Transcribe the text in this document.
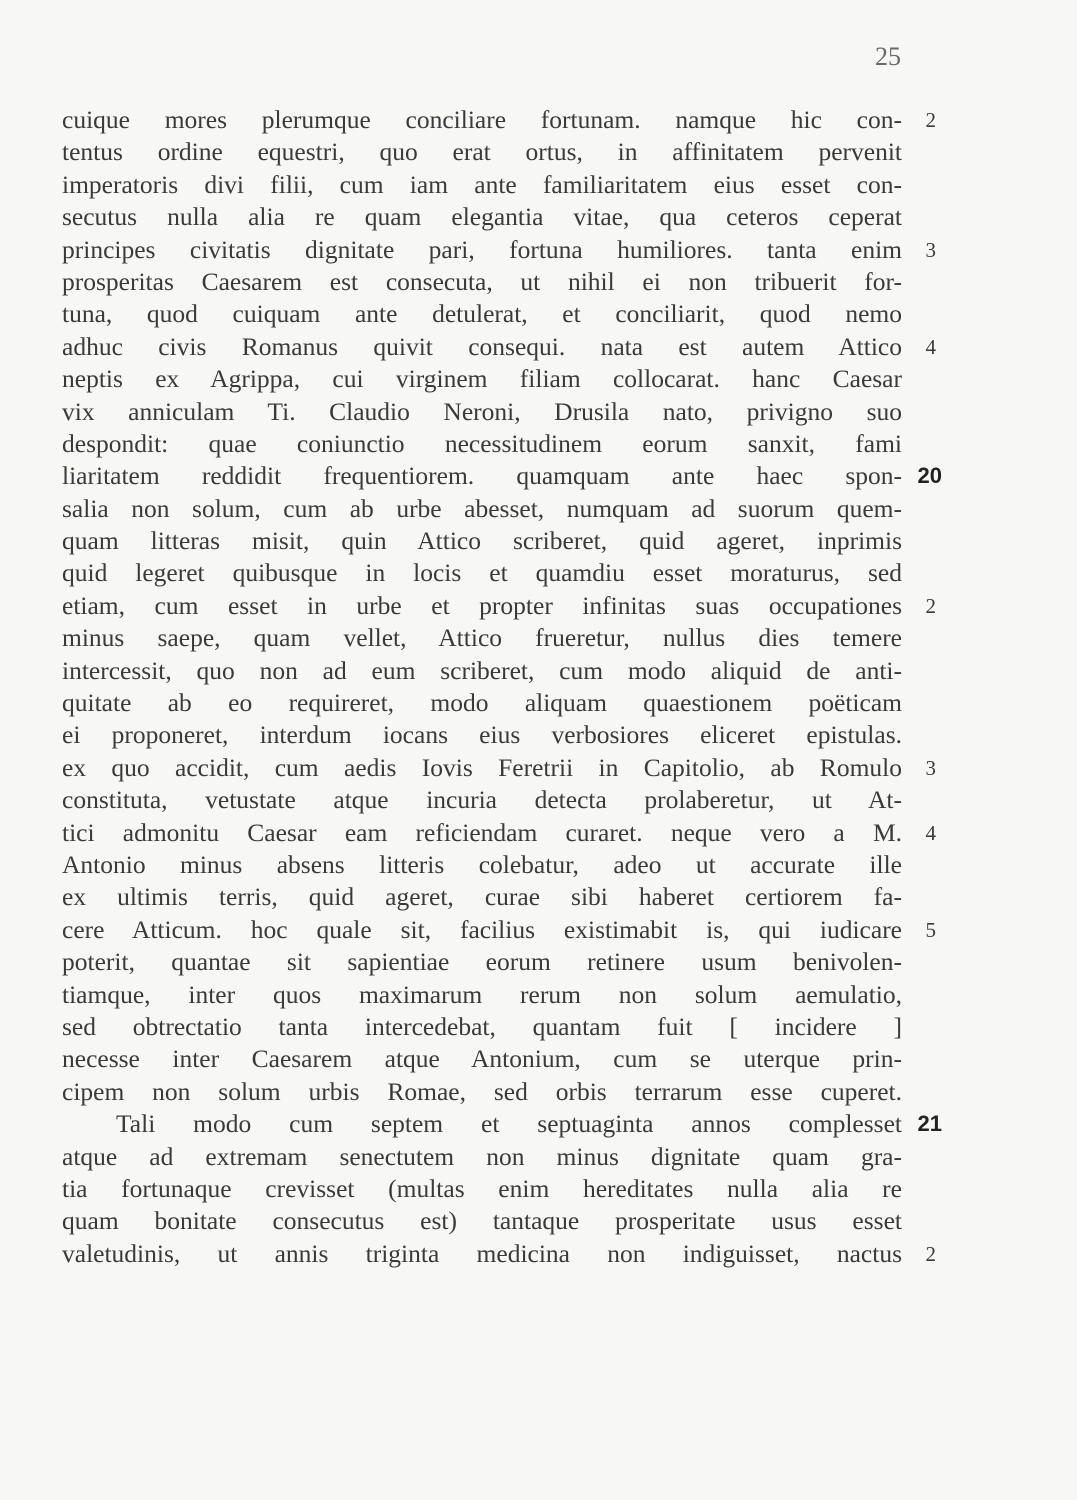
25
cuique mores plerumque conciliare fortunam. namque hic con- 2
tentus ordine equestri, quo erat ortus, in affinitatem pervenit
imperatoris divi filii, cum iam ante familiaritatem eius esset con-
secutus nulla alia re quam elegantia vitae, qua ceteros ceperat
principes civitatis dignitate pari, fortuna humiliores. tanta enim 3
prosperitas Caesarem est consecuta, ut nihil ei non tribuerit for-
tuna, quod cuiquam ante detulerat, et conciliarit, quod nemo
adhuc civis Romanus quivit consequi. nata est autem Attico 4
neptis ex Agrippa, cui virginem filiam collocarat. hanc Caesar
vix anniculam Ti. Claudio Neroni, Drusila nato, privigno suo
despondit: quae coniunctio necessitudinem eorum sanxit, fami
liaritatem reddidit frequentiorem. quamquam ante haec spon- 20
salia non solum, cum ab urbe abesset, numquam ad suorum quem-
quam litteras misit, quin Attico scriberet, quid ageret, inprimis
quid legeret quibusque in locis et quamdiu esset moraturus, sed
etiam, cum esset in urbe et propter infinitas suas occupationes 2
minus saepe, quam vellet, Attico frueretur, nullus dies temere
intercessit, quo non ad eum scriberet, cum modo aliquid de anti-
quitate ab eo requireret, modo aliquam quaestionem poëticam
ei proponeret, interdum iocans eius verbosiores eliceret epistulas.
ex quo accidit, cum aedis Iovis Feretrii in Capitolio, ab Romulo 3
constituta, vetustate atque incuria detecta prolaberetur, ut At-
tici admonitu Caesar eam reficiendam curaret. neque vero a M. 4
Antonio minus absens litteris colebatur, adeo ut accurate ille
ex ultimis terris, quid ageret, curae sibi haberet certiorem fa-
cere Atticum. hoc quale sit, facilius existimabit is, qui iudicare 5
poterit, quantae sit sapientiae eorum retinere usum benivolen-
tiamque, inter quos maximarum rerum non solum aemulatio,
sed obtrectatio tanta intercedebat, quantam fuit [ incidere ]
necesse inter Caesarem atque Antonium, cum se uterque prin-
cipem non solum urbis Romae, sed orbis terrarum esse cuperet.
Tali modo cum septem et septuaginta annos complesset 21
atque ad extremam senectutem non minus dignitate quam gra-
tia fortunaque crevisset (multas enim hereditates nulla alia re
quam bonitate consecutus est) tantaque prosperitate usus esset
valetudinis, ut annis triginta medicina non indiguisset, nactus 2
